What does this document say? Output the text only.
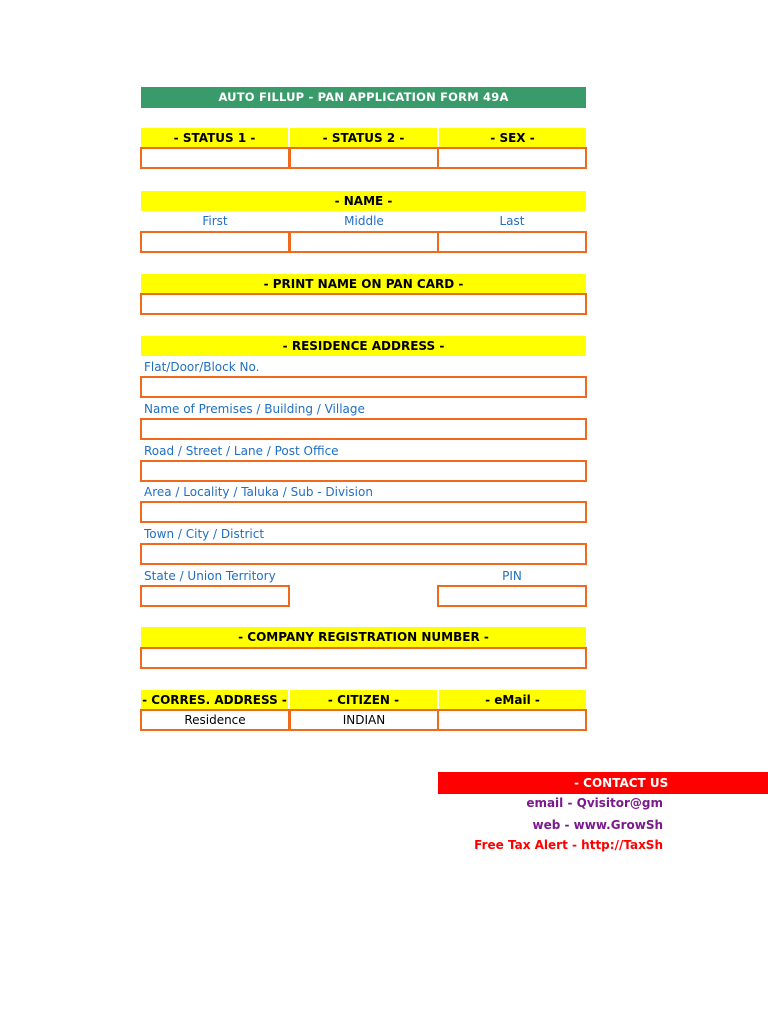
AUTO FILLUP - PAN APPLICATION FORM 49A
- STATUS 1 -	- STATUS 2 -	- SEX -
- NAME -
First	Middle	Last
- PRINT NAME ON PAN CARD -
- RESIDENCE ADDRESS -
Flat/Door/Block No.
Name of Premises / Building / Village
Road / Street / Lane / Post Office
Area / Locality / Taluka / Sub - Division
Town / City / District
State / Union Territory	PIN
- COMPANY REGISTRATION NUMBER -
- CORRES. ADDRESS -	- CITIZEN -	- eMail -
Residence	INDIAN
- CONTACT US
email - Qvisitor@gm
web - www.GrowSh
Free Tax Alert - http://TaxSh
